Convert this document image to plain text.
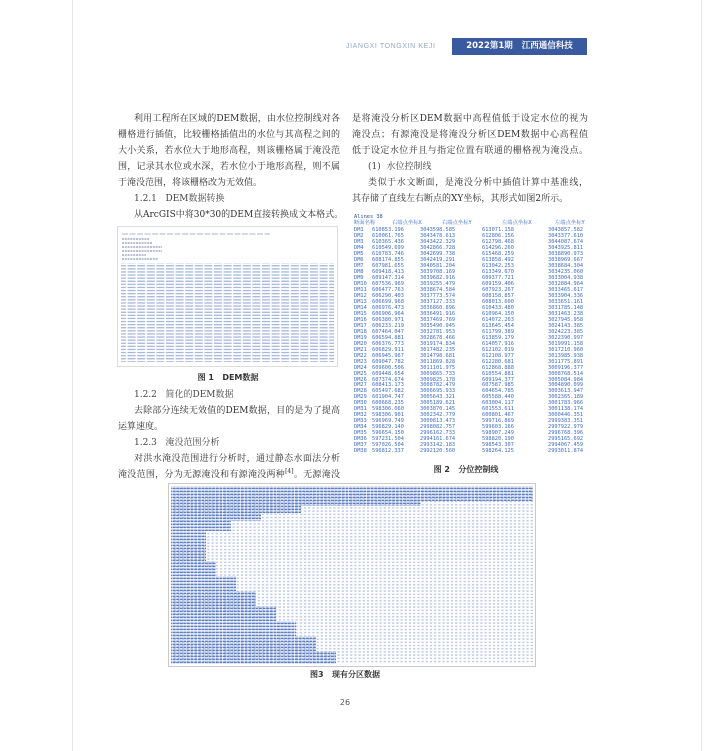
JIANGXI TONGXIN KEJI	2022第1期 江西通信科技
利用工程所在区域的DEM数据，由水位控制线对各
栅格进行插值，比较栅格插值出的水位与其高程之间的
大小关系，若水位大于地形高程，则该栅格属于淹没范
围，记录其水位或水深，若水位小于地形高程，则不属
于淹没范围，将该栅格改为无效值。
1.2.1   DEM数据转换
从ArcGIS中将30*30的DEM直接转换成文本格式。
图 1   DEM数据
1.2.2   简化的DEM数据
去除部分连续无效值的DEM数据，目的是为了提高
运算速度。
1.2.3   淹没范围分析
对洪水淹没范围进行分析时，通过静态水面法分析
淹没范围，分为无源淹没和有源淹没两种[4]。无源淹没
是将淹没分析区DEM数据中高程值低于设定水位的视为
淹没点；有源淹没是将淹没分析区DEM数据中心高程值
低于设定水位并且与指定位置有联通的栅格视为淹没点。
(1)  水位控制线
类似于水文断面，是淹没分析中插值计算中基准线，
其存储了直线左右断点的XY坐标，其形式如图2所示。
Alines 38
断面名称	右端点坐标X	右端点坐标Y	左端点坐标X	左端点坐标Y
DM1 610853.196	3043598.585	613071.158	3043857.582
DM2 610061.765	3043478.613	612806.156	3043377.610
DM3 610365.436	3043422.329	612798.468	3044087.674
DM4 610549.699	3042866.728	614296.260	3043925.811
DM5 610783.746	3042699.738	615468.259	3038890.973
DM6 608174.855	3042419.291	613858.492	3038969.667
DM7 607981.655	3040581.204	613042.253	3038684.304
DM8 609418.413	3039708.169	613349.670	3034235.060
DM9 609147.314	3039682.916	609377.721	3033004.938
DM10 607536.969	3039255.479	609159.406	3032884.964
DM11 606477.763	3038674.584	607923.267	3033465.617
DM12 606290.403	3037773.574	608158.857	3033904.336
DM13 606699.968	3037127.333	608013.600	3033651.161
DM14 606976.473	3036860.896	610433.480	3031785.148
DM15 606906.964	3036491.916	610964.150	3031463.238
DM16 606380.971	3037469.769	614072.263	3027945.958
DM17 606233.219	3035490.945	613645.454	3024143.385
DM18 607464.047	3032781.953	611799.389	3024223.385
DM19 606594.881	3028678.466	613859.179	3022390.997
DM20 606376.773	3019174.834	614057.916	3019991.158
DM21 606829.911	3017482.235	612102.019	3017210.960
DM22 606945.967	3014798.681	612108.977	3013985.938
DM23 609047.782	3011869.828	612280.681	3011775.891
DM24 609600.506	3011101.975	612868.888	3009196.377
DM25 609448.654	3009865.733	610554.881	3008768.514
DM26 607374.674	3009825.178	609194.377	3005084.984
DM27 608413.173	3008782.479	607587.985	3004890.099
DM28 605497.682	3006695.933	604654.785	3003613.947
DM29 601904.747	3005643.321	605588.440	3002365.189
DM30 600668.235	3005189.621	603004.117	3001783.966
DM31 598306.060	3003870.145	601553.611	3001138.174
DM32 598306.901	3002342.779	600801.467	3000446.351
DM33 596969.749	3000813.473	599716.869	2999383.351
DM34 596829.140	2998082.757	599603.166	2997922.979
DM35 596654.150	2996162.733	598907.249	2996768.396
DM36 597231.504	2994161.674	598820.190	2995165.692
DM37 597026.504	2993142.183	598543.307	2994067.459
DM38 596812.337	2992120.560	598264.125	2993011.874
图 2   分位控制线
图3   现有分区数据
26
